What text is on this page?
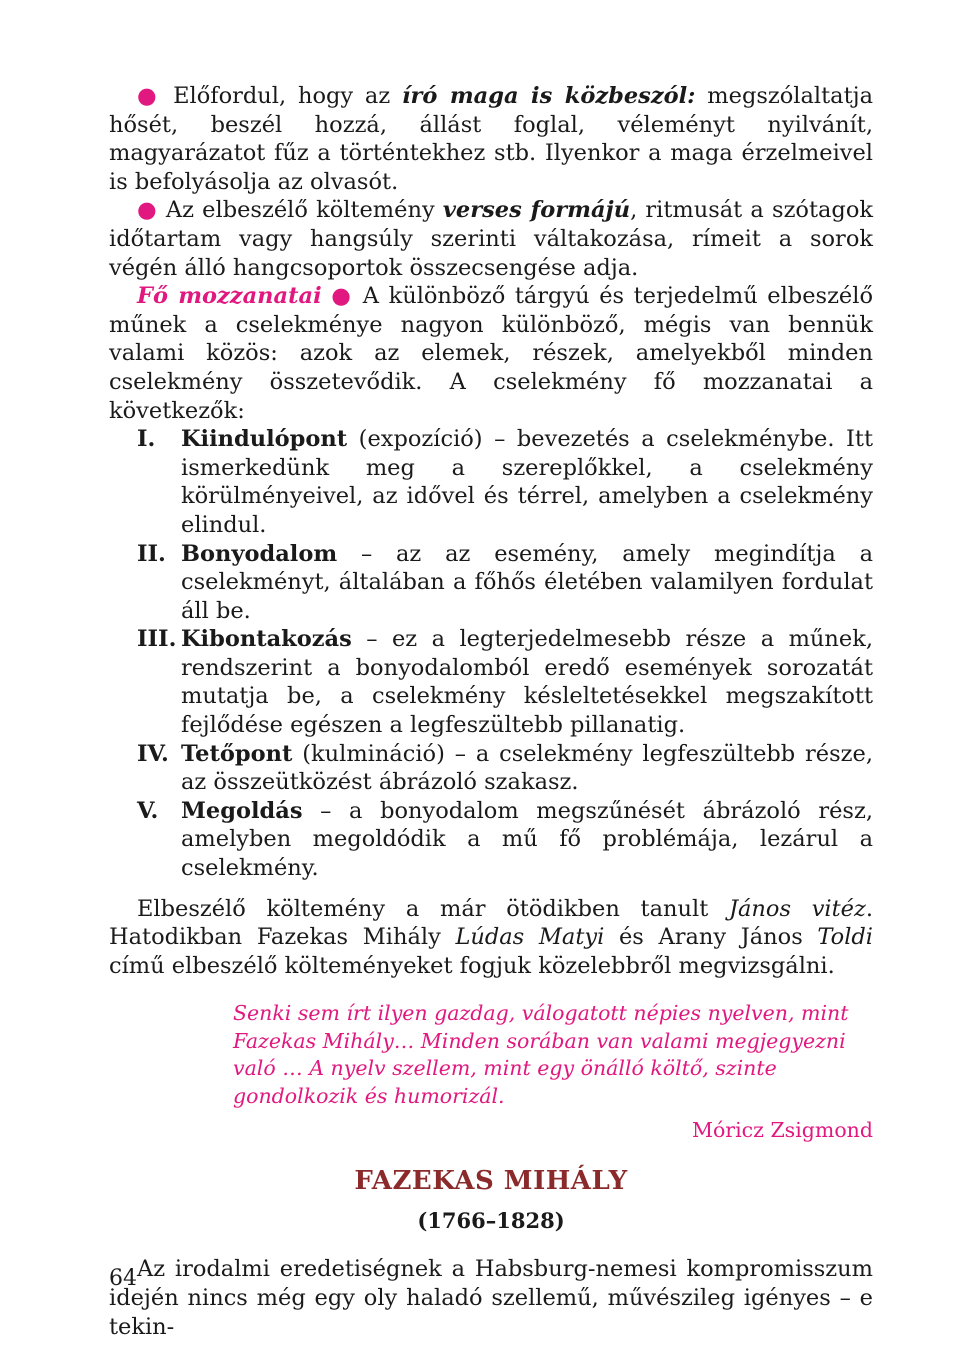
● Előfordul, hogy az író maga is közbeszól: megszólaltatja hősét, beszél hozzá, állást foglal, véleményt nyilvánít, magyarázatot fűz a történtekhez stb. Ilyenkor a maga érzelmeivel is befolyásolja az olvasót.

● Az elbeszélő költemény verses formájú, ritmusát a szótagok időtartam vagy hangsúly szerinti váltakozása, rímeit a sorok végén álló hangcsoportok összecsengése adja.

Fő mozzanatai ● A különböző tárgyú és terjedelmű elbeszélő műnek a cselekménye nagyon különböző, mégis van bennük valami közös: azok az elemek, részek, amelyekből minden cselekmény összetevődik. A cselekmény fő mozzanatai a következők:

I.	Kiindulópont (expozíció) – bevezetés a cselekménybe. Itt ismerkedünk meg a szereplőkkel, a cselekmény körülményeivel, az idővel és térrel, amelyben a cselekmény elindul.
II. Bonyodalom – az az esemény, amely megindítja a cselekményt, általában a főhős életében valamilyen fordulat áll be.
III. Kibontakozás – ez a legterjedelmesebb része a műnek, rendszerint a bonyodalomból eredő események sorozatát mutatja be, a cselekmény késleltetésekkel megszakított fejlődése egészen a legfeszültebb pillanatig.
IV. Tetőpont (kulmináció) – a cselekmény legfeszültebb része, az összeütközést ábrázoló szakasz.
V.	Megoldás – a bonyodalom megszűnését ábrázoló rész, amelyben megoldódik a mű fő problémája, lezárul a cselekmény.

Elbeszélő költemény a már ötödikben tanult János vitéz. Hatodikban Fazekas Mihály Lúdas Matyi és Arany János Toldi című elbeszélő költeményeket fogjuk közelebbről megvizsgálni.

Senki sem írt ilyen gazdag, válogatott népies nyelven, mint Fazekas Mihály… Minden sorában van valami megjegyezni való … A nyelv szellem, mint egy önálló költő, szinte gondolkozik és humorizál.

Móricz Zsigmond
FAZEKAS MIHÁLY
(1766–1828)

Az irodalmi eredetiségnek a Habsburg-nemesi kompromisszum idején nincs még egy oly haladó szellemű, művészileg igényes – e tekin-

64
